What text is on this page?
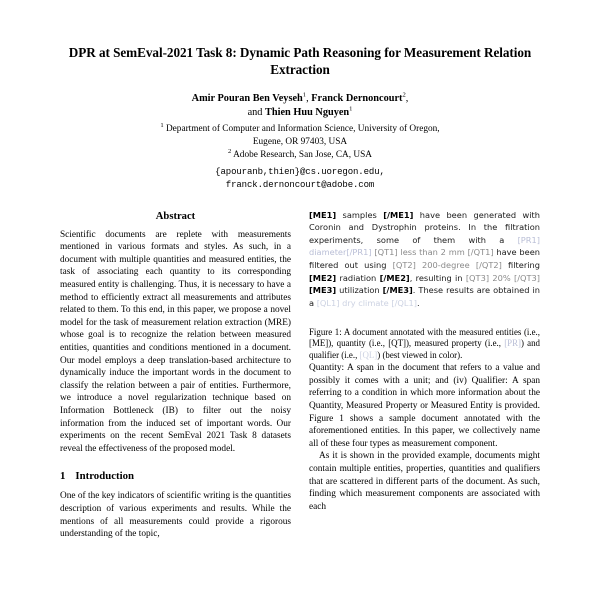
DPR at SemEval-2021 Task 8: Dynamic Path Reasoning for Measurement Relation Extraction
Amir Pouran Ben Veyseh$^1$, Franck Dernoncourt$^2$,
and Thien Huu Nguyen$^1$
$^1$ Department of Computer and Information Science, University of Oregon,
Eugene, OR 97403, USA
$^2$ Adobe Research, San Jose, CA, USA
{apouranb,thien}@cs.uoregon.edu,
franck.dernoncourt@adobe.com
Abstract

Scientific documents are replete with measurements mentioned in various formats and styles. As such, in a document with multiple quantities and measured entities, the task of associating each quantity to its corresponding measured entity is challenging. Thus, it is necessary to have a method to efficiently extract all measurements and attributes related to them. To this end, in this paper, we propose a novel model for the task of measurement relation extraction (MRE) whose goal is to recognize the relation between measured entities, quantities and conditions mentioned in a document. Our model employs a deep translation-based architecture to dynamically induce the important words in the document to classify the relation between a pair of entities. Furthermore, we introduce a novel regularization technique based on Information Bottleneck (IB) to filter out the noisy information from the induced set of important words. Our experiments on the recent SemEval 2021 Task 8 datasets reveal the effectiveness of the proposed model.

1 Introduction

One of the key indicators of scientific writing is the quantities description of various experiments and results. While the mentions of all measurements could provide a rigorous understanding of the topic,

[ME1] samples [/ME1] have been generated with Coronin and Dystrophin proteins. In the filtration experiments, some of them with a [PR1] diameter[/PR1] [QT1] less than 2 mm [/QT1] have been filtered out using [QT2] 200-degree [/QT2] filtering [ME2] radiation [/ME2], resulting in [QT3] 20% [/QT3] [ME3] utilization [/ME3]. These results are obtained in a [QL1] dry climate [/QL1].

Figure 1: A document annotated with the measured entities (i.e., [ME]), quantity (i.e., [QT]), measured property (i.e., [PR]) and qualifier (i.e., [QL]) (best viewed in color).

Quantity: A span in the document that refers to a value and possibly it comes with a unit; and (iv) Qualifier: A span referring to a condition in which more information about the Quantity, Measured Property or Measured Entity is provided. Figure 1 shows a sample document annotated with the aforementioned entities. In this paper, we collectively name all of these four types as measurement component.

As it is shown in the provided example, documents might contain multiple entities, properties, quantities and qualifiers that are scattered in different parts of the document. As such, finding which measurement components are associated with each
